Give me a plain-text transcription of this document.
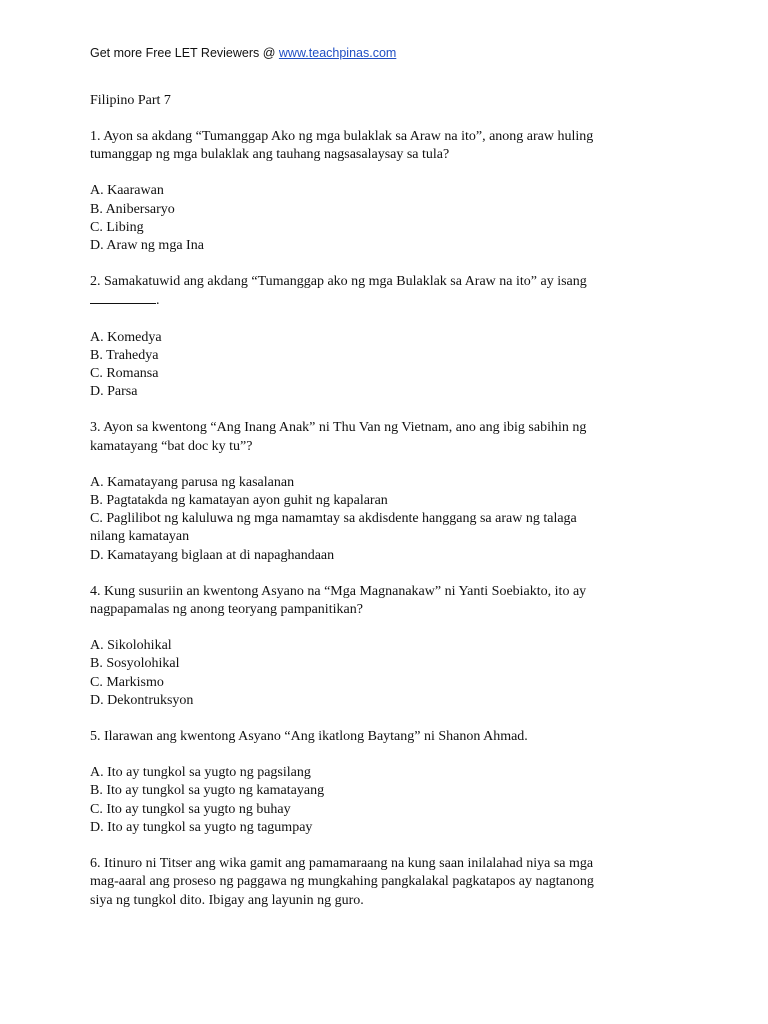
Get more Free LET Reviewers @ www.teachpinas.com
Filipino Part 7
1. Ayon sa akdang “Tumanggap Ako ng mga bulaklak sa Araw na ito”, anong araw huling
tumanggap ng mga bulaklak ang tauhang nagsasalaysay sa tula?
A. Kaarawan
B. Anibersaryo
C. Libing
D. Araw ng mga Ina
2. Samakatuwid ang akdang “Tumanggap ako ng mga Bulaklak sa Araw na ito” ay isang
.
A. Komedya
B. Trahedya
C. Romansa
D. Parsa
3. Ayon sa kwentong “Ang Inang Anak” ni Thu Van ng Vietnam, ano ang ibig sabihin ng
kamatayang “bat doc ky tu”?
A. Kamatayang parusa ng kasalanan
B. Pagtatakda ng kamatayan ayon guhit ng kapalaran
C. Paglilibot ng kaluluwa ng mga namamtay sa akdisdente hanggang sa araw ng talaga
nilang kamatayan
D. Kamatayang biglaan at di napaghandaan
4. Kung susuriin an kwentong Asyano na “Mga Magnanakaw” ni Yanti Soebiakto, ito ay
nagpapamalas ng anong teoryang pampanitikan?
A. Sikolohikal
B. Sosyolohikal
C. Markismo
D. Dekontruksyon
5. Ilarawan ang kwentong Asyano “Ang ikatlong Baytang” ni Shanon Ahmad.
A. Ito ay tungkol sa yugto ng pagsilang
B. Ito ay tungkol sa yugto ng kamatayang
C. Ito ay tungkol sa yugto ng buhay
D. Ito ay tungkol sa yugto ng tagumpay
6. Itinuro ni Titser ang wika gamit ang pamamaraang na kung saan inilalahad niya sa mga
mag-aaral ang proseso ng paggawa ng mungkahing pangkalakal pagkatapos ay nagtanong
siya ng tungkol dito. Ibigay ang layunin ng guro.
